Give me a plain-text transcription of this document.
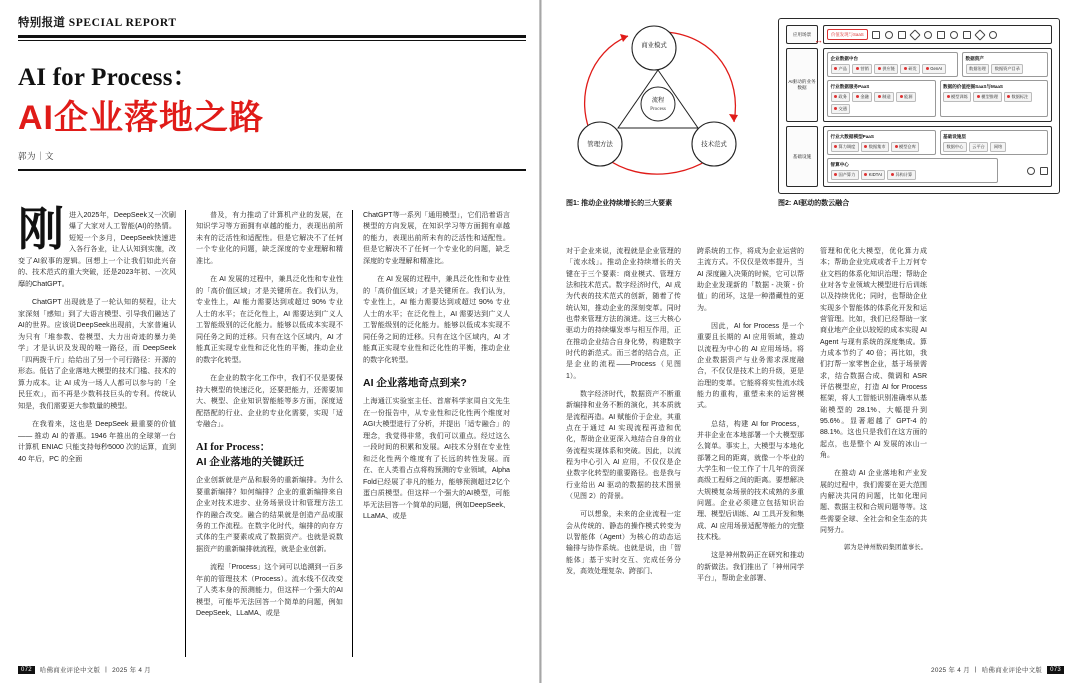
特别报道 SPECIAL REPORT
AI for Process：
AI企业落地之路
郭为｜文

刚 进入2025年，DeepSeek又一次刷爆了大家对人工智能(AI)的热情。短短一个多月，DeepSeek快速进入各行各业，让人认知到实施，改变了AI叙事的逻辑。回想上一个让我们如此兴奋的、技术范式的重大突破，还是2023年初、一次风靡的ChatGPT。

ChatGPT 出现就是了一轮认知的契程，让大家深刻「感知」到了大语言模型、引导我们融达了AI的世界。应该说DeepSeek出现前，大家普遍认为只有「堆参数、卷模型、大力出奇迹的暴力美学」才是认识及发现的唯一路径，而 DeepSeek「四两拨千斤」给给出了另一个可行路径：开源的形态。低估了企业落地大模型的技术门槛、技术的算力成本。让 AI 成为一场人人都可以参与的「全民狂欢」，而不再是少数科技巨头的专利。传统认知是，我们需要更大参数量的模型。

在我看来，这也是 DeepSeek 最重要的价值 —— 推动 AI 的普惠。1946 年推出的全球第一台计算机 ENIAC 只能支持每秒5000 次的运算，直到 40 年后，PC 的全面

普及，有力推动了计算机产业的发展，在知识学习等方面拥有卓越的能力，表现出前所未有的泛活性和适配性。但是它解决不了任何一个专业化的问题，缺乏深度的专业理解和精准比。

在 AI 发展的过程中，兼具泛化性和专业性的「高价值区域」才是关键所在。我们认为，专业性上，AI 能力需要达到或超过 90% 专业人士的水平；在泛化性上，AI 需要达到广义人工智能级别的泛化能力。能够以低成本实现不同任务之间的迁移。只有在这个区域内，AI 才能真正实现专业性和泛化性的平衡，推动企业的数字化转型。

在企业的数字化工作中，我们不仅是要保持大模型的快速泛化，还要把能力，还需要加大、模型、企业知识智能能等多方面，深度适配搭配的行业、企业的专业化需要，实现「适专融合」。

AI for Process：
AI 企业落地的关键跃迁

企业创新就是产品和服务的重新编排。为什么要重新编排？如何编排？企业的重新编排来自企业对技术进步、业务场景设计和管理方法工作的融合改变。融合的结果就是创造产品或服务的工作流程。在数字化时代，编排的向存方式体的生产要素或成了数据资产。也就是说数据资产的重新编排就流程，就是企业创新。

流程「Process」这个词可以追溯到一百多年前的管理技术（Process）。流水线不仅改变了人类本身的预测能力，但这样一个强大的AI模型，可能毕无法回答一个简单的问题，例如DeepSeek、LLaMA、或是

ChatGPT等一系列「通用模型」，它们沿着语言模型的方向发展，在知识学习等方面拥有卓越的能力，表现出前所未有的泛活性和适配性。但是它解决不了任何一个专业化的问题，缺乏深度的专业理解和精准比。

在 AI 发展的过程中，兼具泛化性和专业性的「高价值区域」才是关键所在。我们认为，专业性上，AI 能力需要达到或超过 90% 专业人士的水平；在泛化性上，AI 需要达到广义人工智能级别的泛化能力。能够以低成本实现不同任务之间的迁移。只有在这个区域内，AI 才能真正实现专业性和泛化性的平衡，推动企业的数字化转型。

AI 企业落地奇点到来?

上海通江实验室主任、首席科学家周自文先生在一份报告中，从专业性和泛化性两个维度对AGI大模型进行了分析，并提出「适专融合」的理念，我觉得非常，我们可以重点。经过这么一段时间的积累和发展。AI技术分别在专业性和泛化性两个维度有了长远的转性发展。而在、在人类看占点将构预测的专业领域，Alpha Fold已经展了非凡的能力，能够预测超过2亿个蛋白质模型。但这样一个强大的AI模型，可能毕无法回答一个简单的问题，例如DeepSeek、LLaMA、或是

072	哈佛商业评论中文版 | 2025 年 4 月
商业模式
技术范式
管理方法
流程
Process
图1: 推动企业持续增长的三大要素
应用场景	价值发现与SaaS
AI驱动的业务数据
企业数据中台
产品	营销	供应链	研发	GenAI
数据资产
数据治理	数据资产目录
行业数据服务PaaS
政务	金融	制造	能源
交通
数据的价值挖掘SaaS与MaaS
模型训练	模型推理	数据标注
↔
基础设施
行业大数据模型PaaS
算力调度	数据集市	模型仓库
基础设施层
数据中心	云平台	网络
智算中心
国产算力	KIDTAI	异构计算
图2: AI驱动的数云融合

对于企业来说，流程就是企业管理的「流水线」。推动企业持续增长的关键在于三个要素：商业模式、管理方法和技术范式。数字经济时代，AI 成为代表的技术范式的创新，随着了传统认知，推动企业的深刻变革。同时也带来管理方法的演进。这三大核心驱动力的持续爆发率与相互作用，正在推动企业结合自身化势，构建数字时代的新范式。而三者的结合点，正是企业的流程——Process（见图 1）。

数字经济时代，数据资产不断重新编排和业务不断的演化，其本质就是流程再造。AI 赋能价于企业，其重点在于通过 AI 实现流程再造和优化，帮助企业更深入地结合自身的业务流程实现体系和突破。因此，以流程为中心引入 AI 应用，不仅仅是企业数字化转型的重要路径。也是我与行业给出 AI 驱动的数据的技术图景（见图 2）的背景。

可以想象，未来的企业流程一定会从传统的、静态的操作模式转变为以智能体（Agent）为核心的动态运输排与协作系统。也就是说，由「智能体」基于实时交互、完成任务分发，高效处理复杂、跨部门、

跨系统的工作，将成为企业运营的主流方式。不仅仅是效率提升，当 AI 深度融入决策的时候，它可以帮助企业发现新的「数据 - 决策 - 价值」的闭环，这是一种潜藏性的更为。

因此，AI for Process 是一个重要且长期的 AI 应用领域，推动以流程为中心的 AI 应用场场。将企业数据资产与业务需求深度融合，不仅仅是技术上的升级，更是治理的变革。它能将将实性流水线能力的重构，重塑未来的运营模式。

总结，构建 AI for Process，并非企业在本地部署一个大模型那么简单。事实上，大模型与本地化部署之间的距离，就像一个毕业的大学生和一位工作了十几年的资深高级工程师之间的距离。要想解决大规模复杂场景的技术成熟的多重问题。企业必须建立包括知识治理、模型后训练、AI 工具开发和集成、AI 应用场景适配等能力的完整技术栈。

这是神州数码正在研究和推动的新做法。我们推出了「神州同学平台」，帮助企业部署、

管理和优化大模型，优化算力成本；帮助企业完成或者千上万何专业文档的体系化知识治理；帮助企业对各专业领域大模型进行后训练以及持续优化；同时，也帮助企业实现多个智能体的体系化开发和运营管理。比如，我们已经帮助一家商业地产企业以较短的成本实现 AI Agent 与现有系统的深度集成。算力成本节约了 40 倍；再比如，我们打帮一家零售企业，基于场景需求，结合数据合成、微调和 ASR 评估模型应，打造 AI for Process 框架，将人工智能识别准确率从基础模型的 28.1%、大幅提升到 95.6%。显著超越了 GPT-4 的 88.1%。这也只是我们在这方面的起点，也是整个 AI 发展的冰山一角。

在推动 AI 企业落地和产业发展的过程中，我们需要在更大范围内解决共同的问题，比如化理问题、数据主权和合规问题等等。这些需要全球、全社会和全生态的共同努力。

郭为是神州数码集团董事长。

2025 年 4 月 | 哈佛商业评论中文版	073
